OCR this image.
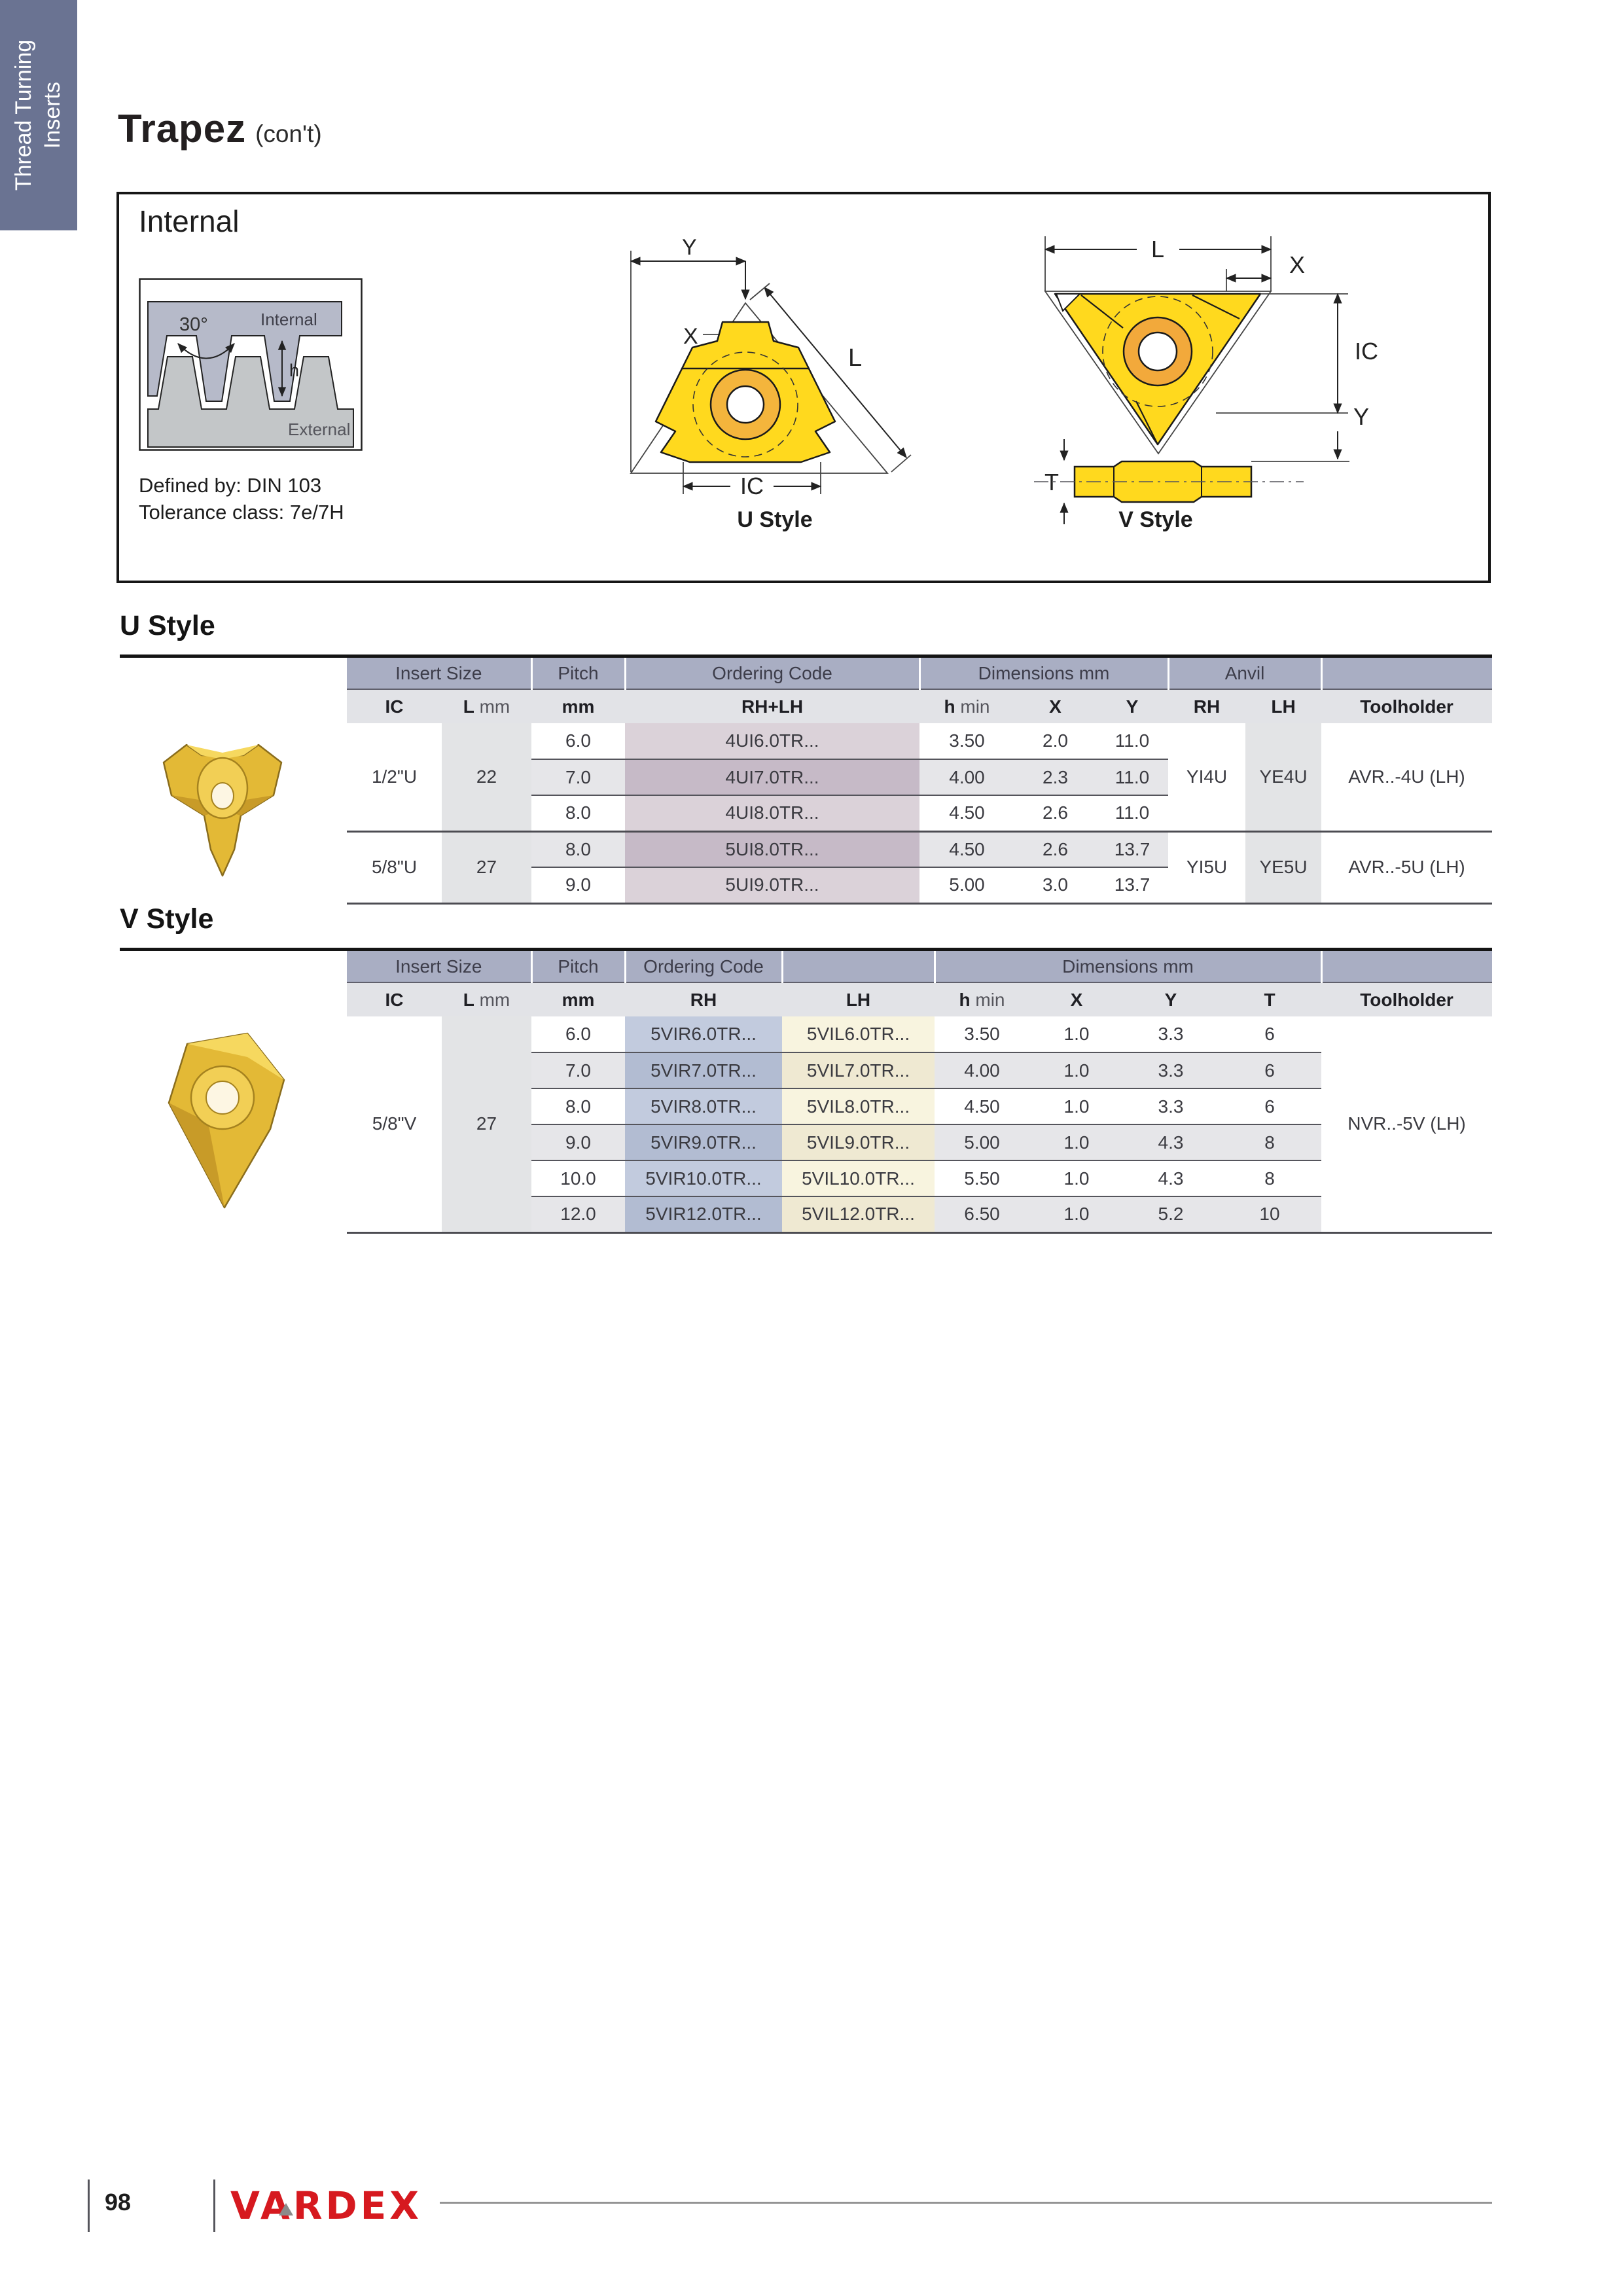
Thread Turning Inserts Trapez (con't)
Internal
30°
h
Internal
External
Defined by: DIN 103
Tolerance class: 7e/7H
Y
X
L
IC
U Style
L
X
IC
Y
T
V Style
U Style
Insert Size		Pitch	Ordering Code	Dimensions mm			Anvil		
IC	L mm	mm	RH+LH	h min	X	Y	RH	LH	Toolholder
1/2"U	22	6.0	4UI6.0TR...	3.50	2.0	11.0	YI4U	YE4U	AVR..-4U (LH)
		7.0	4UI7.0TR...	4.00	2.3	11.0			
		8.0	4UI8.0TR...	4.50	2.6	11.0			
5/8"U	27	8.0	5UI8.0TR...	4.50	2.6	13.7	YI5U	YE5U	AVR..-5U (LH)
		9.0	5UI9.0TR...	5.00	3.0	13.7			
V Style
Insert Size		Pitch	Ordering Code		Dimensions mm				
IC	L mm	mm	RH	LH	h min	X	Y	T	Toolholder
5/8"V	27	6.0	5VIR6.0TR...	5VIL6.0TR...	3.50	1.0	3.3	6	NVR..-5V (LH)
		7.0	5VIR7.0TR...	5VIL7.0TR...	4.00	1.0	3.3	6	
		8.0	5VIR8.0TR...	5VIL8.0TR...	4.50	1.0	3.3	6	
		9.0	5VIR9.0TR...	5VIL9.0TR...	5.00	1.0	4.3	8	
		10.0	5VIR10.0TR...	5VIL10.0TR...	5.50	1.0	4.3	8	
		12.0	5VIR12.0TR...	5VIL12.0TR...	6.50	1.0	5.2	10	
98	VARDEX
